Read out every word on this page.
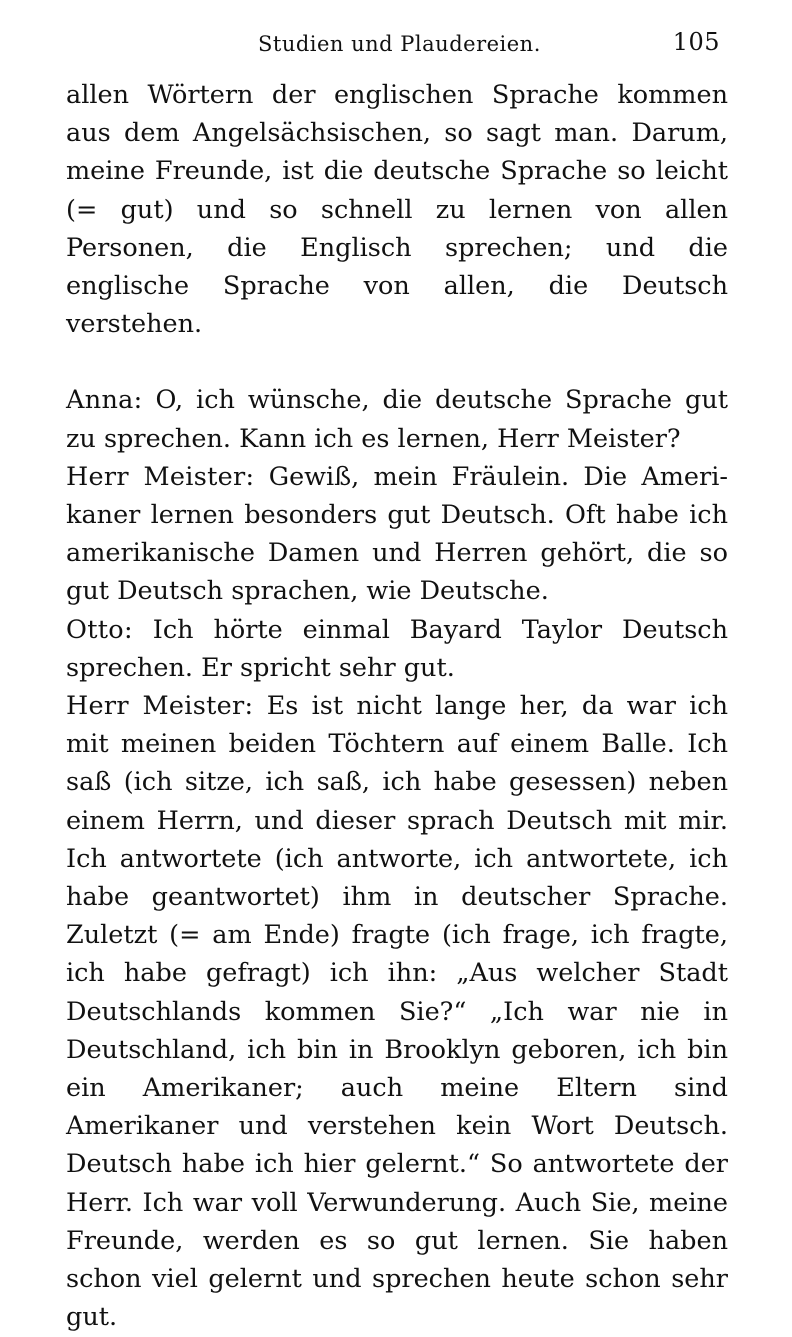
Studien und Plaudereien.	105

allen Wörtern der englischen Sprache kommen aus dem Angelsächsischen, so sagt man. Darum, meine Freunde, ist die deutsche Sprache so leicht (= gut) und so schnell zu lernen von allen Personen, die Englisch sprechen; und die englische Sprache von allen, die Deutsch verstehen.

Anna: O, ich wünsche, die deutsche Sprache gut zu sprechen. Kann ich es lernen, Herr Meister?

Herr Meister: Gewiß, mein Fräulein. Die Amerikaner lernen besonders gut Deutsch. Oft habe ich amerikanische Damen und Herren gehört, die so gut Deutsch sprachen, wie Deutsche.

Otto: Ich hörte einmal Bayard Taylor Deutsch sprechen. Er spricht sehr gut.

Herr Meister: Es ist nicht lange her, da war ich mit meinen beiden Töchtern auf einem Balle. Ich saß (ich sitze, ich saß, ich habe gesessen) neben einem Herrn, und dieser sprach Deutsch mit mir. Ich antwortete (ich antworte, ich antwortete, ich habe geantwortet) ihm in deutscher Sprache. Zuletzt (= am Ende) fragte (ich frage, ich fragte, ich habe gefragt) ich ihn: „Aus welcher Stadt Deutschlands kommen Sie?“ „Ich war nie in Deutschland, ich bin in Brooklyn geboren, ich bin ein Amerikaner; auch meine Eltern sind Amerikaner und verstehen kein Wort Deutsch. Deutsch habe ich hier gelernt.“ So antwortete der Herr. Ich war voll Verwunderung. Auch Sie, meine Freunde, werden es so gut lernen. Sie haben schon viel gelernt und sprechen heute schon sehr gut.
